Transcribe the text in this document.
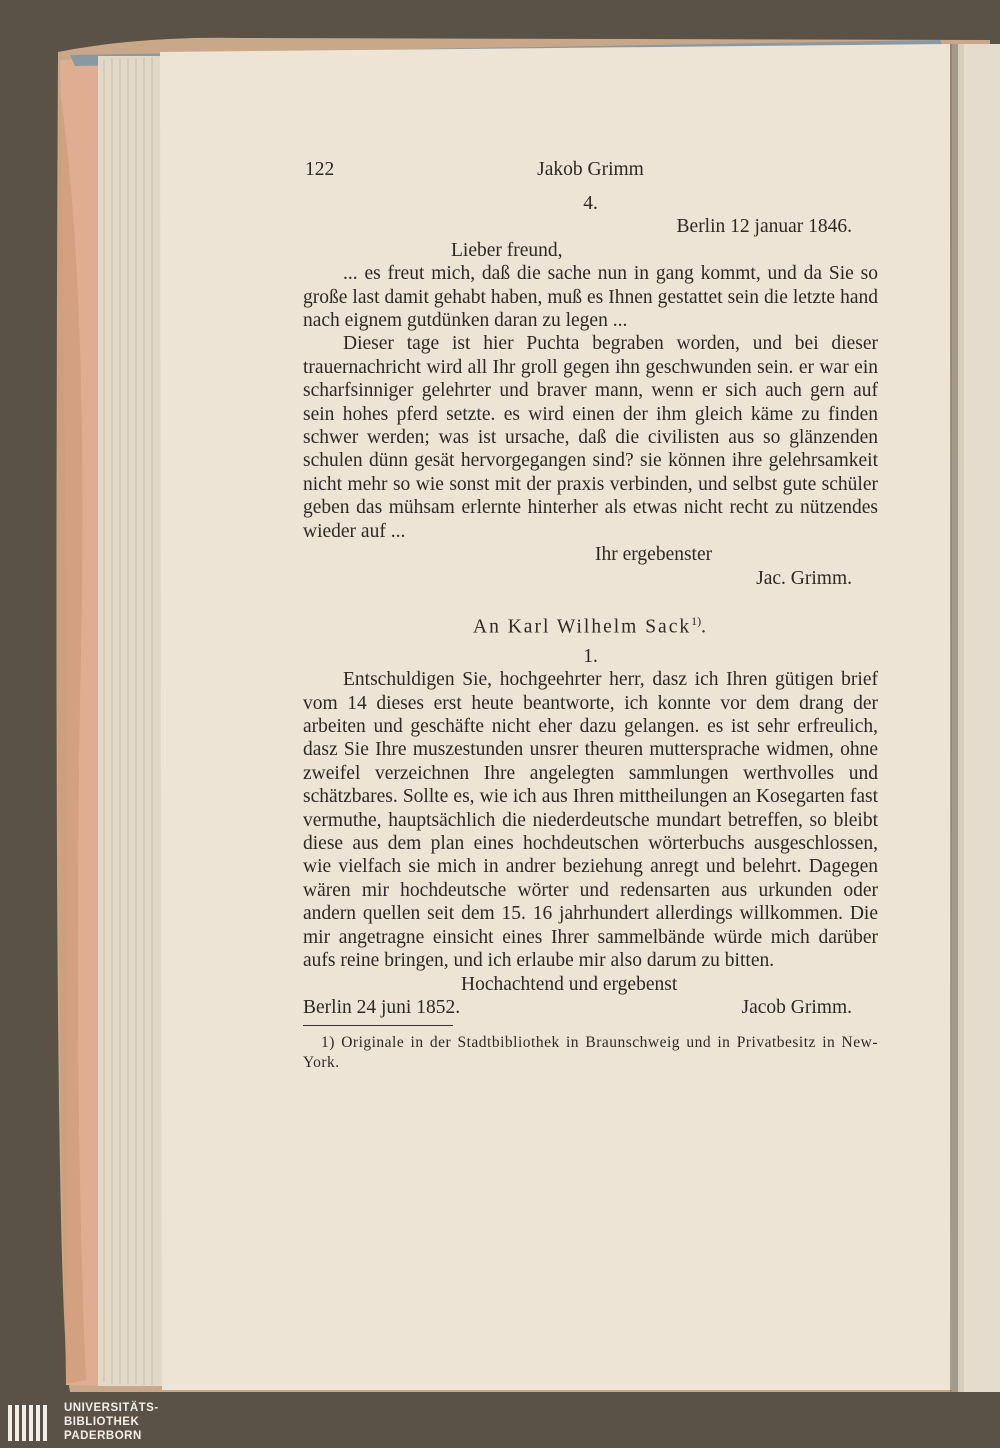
122	Jakob Grimm
4.
Berlin 12 januar 1846.
Lieber freund,

... es freut mich, daß die sache nun in gang kommt, und da Sie so große last damit gehabt haben, muß es Ihnen gestattet sein die letzte hand nach eignem gutdünken daran zu legen ...

Dieser tage ist hier Puchta begraben worden, und bei dieser trauernachricht wird all Ihr groll gegen ihn geschwunden sein. er war ein scharfsinniger gelehrter und braver mann, wenn er sich auch gern auf sein hohes pferd setzte. es wird einen der ihm gleich käme zu finden schwer werden; was ist ursache, daß die civilisten aus so glänzenden schulen dünn gesät hervorgegangen sind? sie können ihre gelehrsamkeit nicht mehr so wie sonst mit der praxis verbinden, und selbst gute schüler geben das mühsam erlernte hinterher als etwas nicht recht zu nützendes wieder auf ...

Ihr ergebenster
Jac. Grimm.
An Karl Wilhelm Sack$^{1)}$.
1.

Entschuldigen Sie, hochgeehrter herr, dasz ich Ihren gütigen brief vom 14 dieses erst heute beantworte, ich konnte vor dem drang der arbeiten und geschäfte nicht eher dazu gelangen. es ist sehr erfreulich, dasz Sie Ihre muszestunden unsrer theuren muttersprache widmen, ohne zweifel verzeichnen Ihre angelegten sammlungen werthvolles und schätzbares. Sollte es, wie ich aus Ihren mittheilungen an Kosegarten fast vermuthe, hauptsächlich die niederdeutsche mundart betreffen, so bleibt diese aus dem plan eines hochdeutschen wörterbuchs ausgeschlossen, wie vielfach sie mich in andrer beziehung anregt und belehrt. Dagegen wären mir hochdeutsche wörter und redensarten aus urkunden oder andern quellen seit dem 15. 16 jahrhundert allerdings willkommen. Die mir angetragne einsicht eines Ihrer sammelbände würde mich darüber aufs reine bringen, und ich erlaube mir also darum zu bitten.

Hochachtend und ergebenst
Berlin 24 juni 1852.	Jacob Grimm.
1) Originale in der Stadtbibliothek in Braunschweig und in Privatbesitz in New-York.
UNIVERSITÄTS-
BIBLIOTHEK
PADERBORN
